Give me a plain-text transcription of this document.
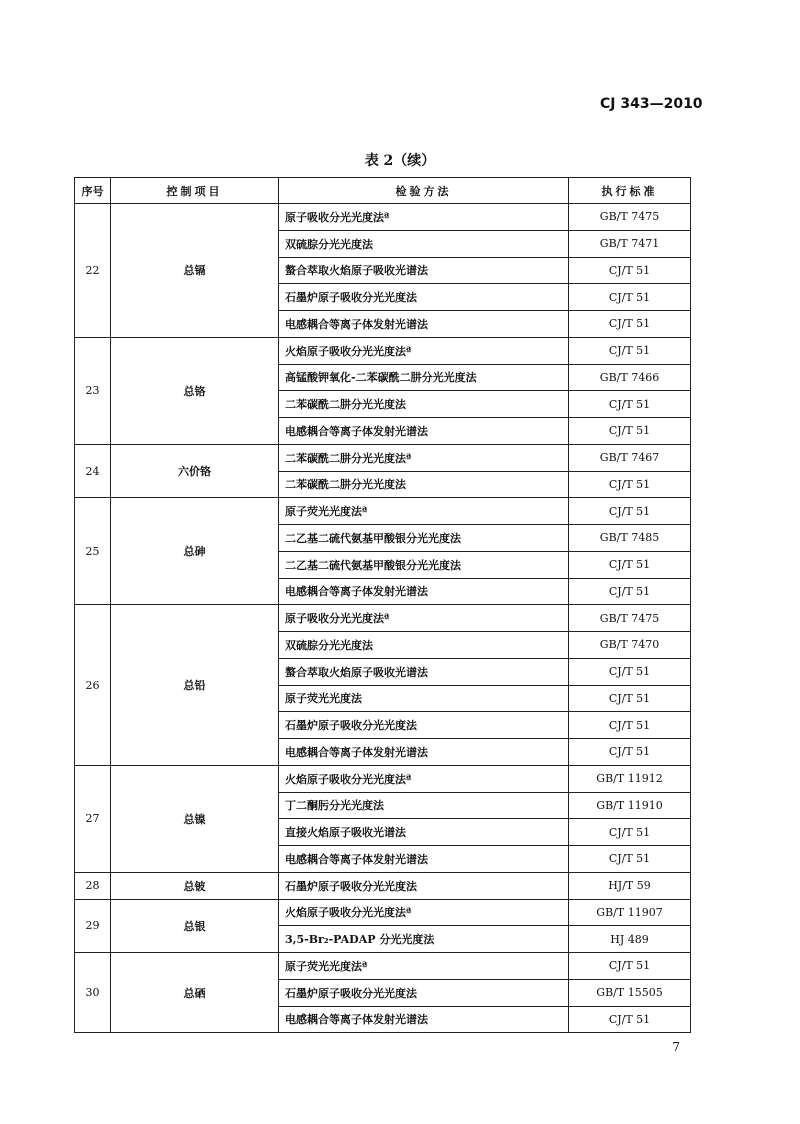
CJ 343—2010
表 2（续）
序号	控制项目	检验方法	执行标准
22	总镉	原子吸收分光光度法ª	GB/T 7475
		双硫腙分光光度法	GB/T 7471
		螯合萃取火焰原子吸收光谱法	CJ/T 51
		石墨炉原子吸收分光光度法	CJ/T 51
		电感耦合等离子体发射光谱法	CJ/T 51
23	总铬	火焰原子吸收分光光度法ª	CJ/T 51
		高锰酸钾氧化-二苯碳酰二肼分光光度法	GB/T 7466
		二苯碳酰二肼分光光度法	CJ/T 51
		电感耦合等离子体发射光谱法	CJ/T 51
24	六价铬	二苯碳酰二肼分光光度法ª	GB/T 7467
		二苯碳酰二肼分光光度法	CJ/T 51
25	总砷	原子荧光光度法ª	CJ/T 51
		二乙基二硫代氨基甲酸银分光光度法	GB/T 7485
		二乙基二硫代氨基甲酸银分光光度法	CJ/T 51
		电感耦合等离子体发射光谱法	CJ/T 51
26	总铅	原子吸收分光光度法ª	GB/T 7475
		双硫腙分光光度法	GB/T 7470
		螯合萃取火焰原子吸收光谱法	CJ/T 51
		原子荧光光度法	CJ/T 51
		石墨炉原子吸收分光光度法	CJ/T 51
		电感耦合等离子体发射光谱法	CJ/T 51
27	总镍	火焰原子吸收分光光度法ª	GB/T 11912
		丁二酮肟分光光度法	GB/T 11910
		直接火焰原子吸收光谱法	CJ/T 51
		电感耦合等离子体发射光谱法	CJ/T 51
28	总铍	石墨炉原子吸收分光光度法	HJ/T 59
29	总银	火焰原子吸收分光光度法ª	GB/T 11907
		3,5-Br₂-PADAP 分光光度法	HJ 489
30	总硒	原子荧光光度法ª	CJ/T 51
		石墨炉原子吸收分光光度法	GB/T 15505
		电感耦合等离子体发射光谱法	CJ/T 51
7
